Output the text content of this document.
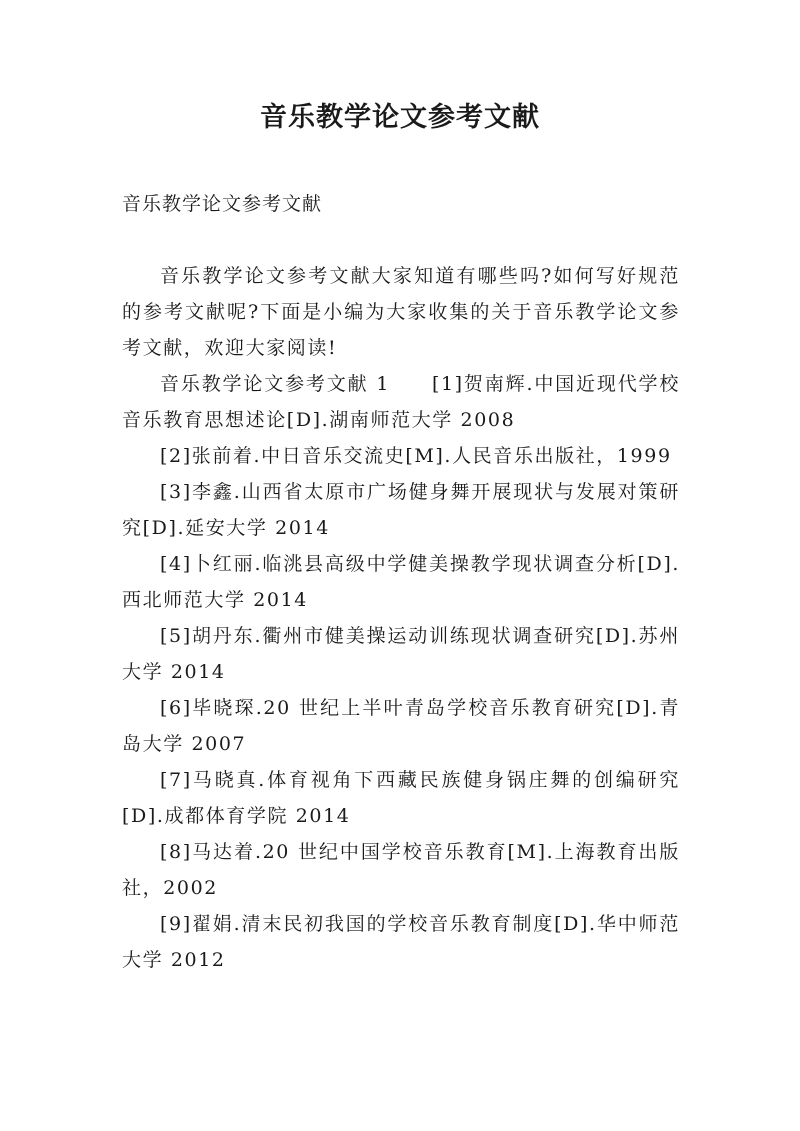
音乐教学论文参考文献
音乐教学论文参考文献

音乐教学论文参考文献大家知道有哪些吗?如何写好规范的参考文献呢?下面是小编为大家收集的关于音乐教学论文参考文献，欢迎大家阅读!

音乐教学论文参考文献 1　　[1]贺南辉.中国近现代学校音乐教育思想述论[D].湖南师范大学 2008

[2]张前着.中日音乐交流史[M].人民音乐出版社，1999

[3]李鑫.山西省太原市广场健身舞开展现状与发展对策研究[D].延安大学 2014

[4]卜红丽.临洮县高级中学健美操教学现状调查分析[D].西北师范大学 2014

[5]胡丹东.衢州市健美操运动训练现状调查研究[D].苏州大学 2014

[6]毕晓琛.20 世纪上半叶青岛学校音乐教育研究[D].青岛大学 2007

[7]马晓真.体育视角下西藏民族健身锅庄舞的创编研究[D].成都体育学院 2014

[8]马达着.20 世纪中国学校音乐教育[M].上海教育出版社，2002

[9]翟娟.清末民初我国的学校音乐教育制度[D].华中师范大学 2012
